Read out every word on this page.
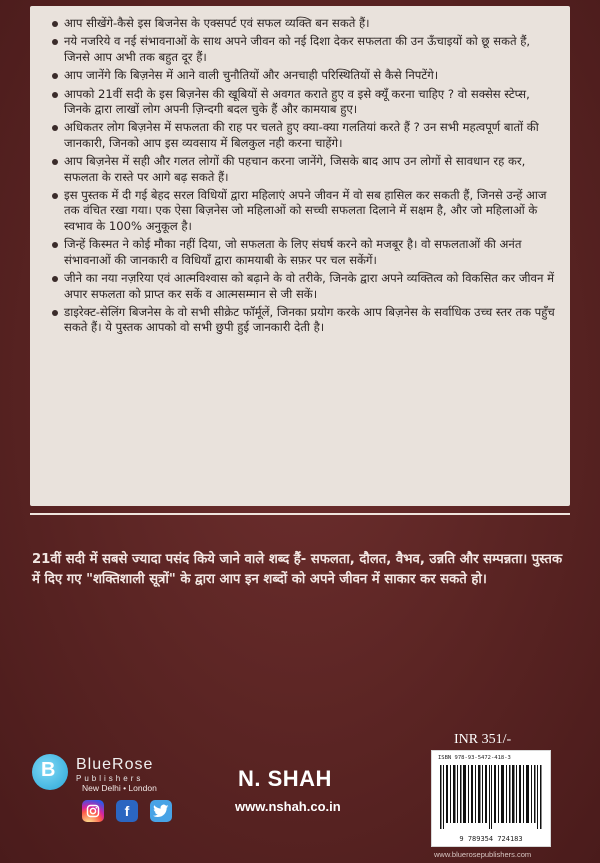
आप सीखेंगे-कैसे इस बिजनेस के एक्सपर्ट एवं सफल व्यक्ति बन सकते हैं।
नये नजरिये व नई संभावनाओं के साथ अपने जीवन को नई दिशा देकर सफलता की उन ऊँचाइयों को छू सकते हैं, जिनसे आप अभी तक बहुत दूर हैं।
आप जानेंगे कि बिज़नेस में आने वाली चुनौतियों और अनचाही परिस्थितियों से कैसे निपटेंगे।
आपको 21वीं सदी के इस बिज़नेस की खूबियों से अवगत कराते हुए व इसे क्यूँ करना चाहिए ? वो सक्सेस स्टेप्स, जिनके द्वारा लाखों लोग अपनी ज़िन्दगी बदल चुके हैं और कामयाब हुए।
अधिकतर लोग बिज़नेस में सफलता की राह पर चलते हुए क्या-क्या गलतियां करते हैं ? उन सभी महत्वपूर्ण बातों की जानकारी, जिनको आप इस व्यवसाय में बिलकुल नही करना चाहेंगे।
आप बिज़नेस में सही और गलत लोगों की पहचान करना जानेंगे, जिसके बाद आप उन लोगों से सावधान रह कर, सफलता के रास्ते पर आगे बढ़ सकते हैं।
इस पुस्तक में दी गई बेहद सरल विधियों द्वारा महिलाएं अपने जीवन में वो सब हासिल कर सकती हैं, जिनसे उन्हें आज तक वंचित रखा गया। एक ऐसा बिज़नेस जो महिलाओं को सच्ची सफलता दिलाने में सक्षम है, और जो महिलाओं के स्वभाव के 100% अनुकूल है।
जिन्हें किस्मत ने कोई मौका नहीं दिया, जो सफलता के लिए संघर्ष करने को मजबूर है। वो सफलताओं की अनंत संभावनाओं की जानकारी व विधियाँ द्वारा कामयाबी के सफ़र पर चल सकेंगें।
जीने का नया नज़रिया एवं आत्मविश्वास को बढ़ाने के वो तरीके, जिनके द्वारा अपने व्यक्तित्व को विकसित कर जीवन में अपार सफलता को प्राप्त कर सकें व आत्मसम्मान से जी सकें।
डाइरेक्ट-सेलिंग बिजनेस के वो सभी सीक्रेट फॉर्मूलें, जिनका प्रयोग करके आप बिज़नेस के सर्वाधिक उच्च स्तर तक पहुँच सकते हैं। ये पुस्तक आपको वो सभी छुपी हुई जानकारी देती है।
21वीं सदी में सबसे ज्यादा पसंद किये जाने वाले शब्द हैं- सफलता, दौलत, वैभव, उन्नति और सम्पन्नता। पुस्तक में दिए गए "शक्तिशाली सूत्रों" के द्वारा आप इन शब्दों को अपने जीवन में साकार कर सकते हो।
B BlueRose
Publishers
New Delhi • London
f
N. SHAH
www.nshah.co.in
INR 351/-
ISBN 978-93-5472-418-3
9 789354 724183
www.bluerosepublishers.com
